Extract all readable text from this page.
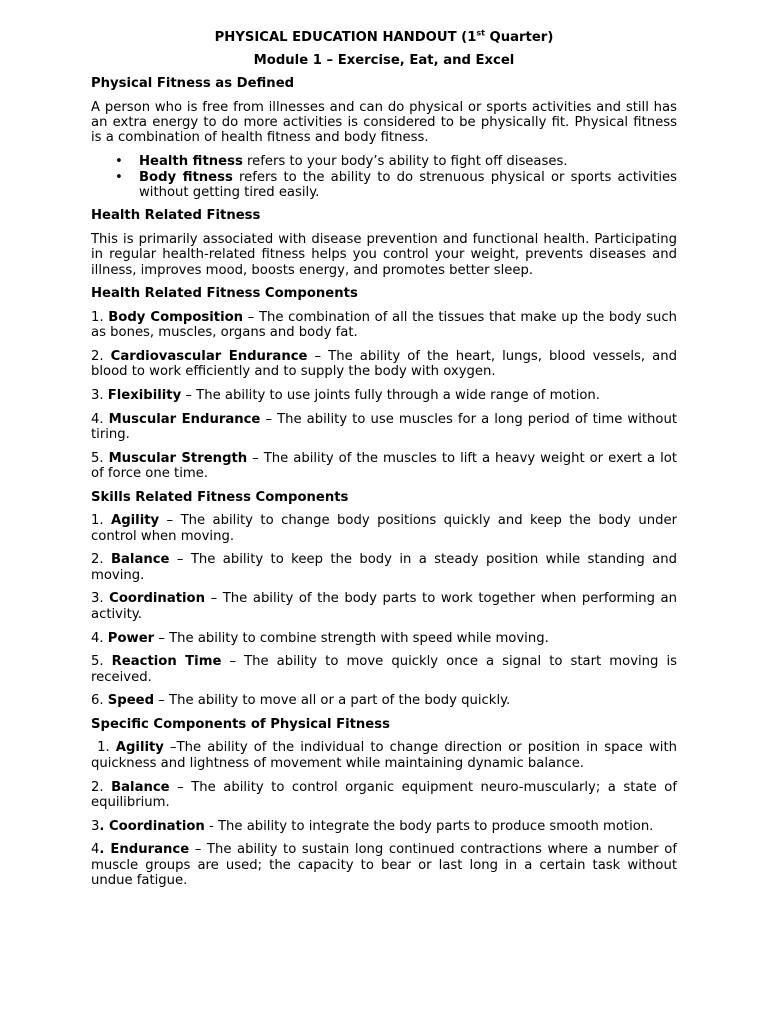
PHYSICAL EDUCATION HANDOUT (1st Quarter)
Module 1 – Exercise, Eat, and Excel
Physical Fitness as Defined

A person who is free from illnesses and can do physical or sports activities and still has an extra energy to do more activities is considered to be physically fit. Physical fitness is a combination of health fitness and body fitness.

• Health fitness refers to your body’s ability to fight off diseases.
• Body fitness refers to the ability to do strenuous physical or sports activities without getting tired easily.
Health Related Fitness

This is primarily associated with disease prevention and functional health. Participating in regular health-related fitness helps you control your weight, prevents diseases and illness, improves mood, boosts energy, and promotes better sleep.

Health Related Fitness Components
1. Body Composition – The combination of all the tissues that make up the body such as bones, muscles, organs and body fat.
2. Cardiovascular Endurance – The ability of the heart, lungs, blood vessels, and blood to work efficiently and to supply the body with oxygen.
3. Flexibility – The ability to use joints fully through a wide range of motion.
4. Muscular Endurance – The ability to use muscles for a long period of time without tiring.
5. Muscular Strength – The ability of the muscles to lift a heavy weight or exert a lot of force one time.
Skills Related Fitness Components
1. Agility – The ability to change body positions quickly and keep the body under control when moving.
2. Balance – The ability to keep the body in a steady position while standing and moving.
3. Coordination – The ability of the body parts to work together when performing an activity.
4. Power – The ability to combine strength with speed while moving.
5. Reaction Time – The ability to move quickly once a signal to start moving is received.
6. Speed – The ability to move all or a part of the body quickly.
Specific Components of Physical Fitness
1. Agility –The ability of the individual to change direction or position in space with quickness and lightness of movement while maintaining dynamic balance.
2. Balance – The ability to control organic equipment neuro-muscularly; a state of equilibrium.
3. Coordination - The ability to integrate the body parts to produce smooth motion.
4. Endurance – The ability to sustain long continued contractions where a number of muscle groups are used; the capacity to bear or last long in a certain task without undue fatigue.
